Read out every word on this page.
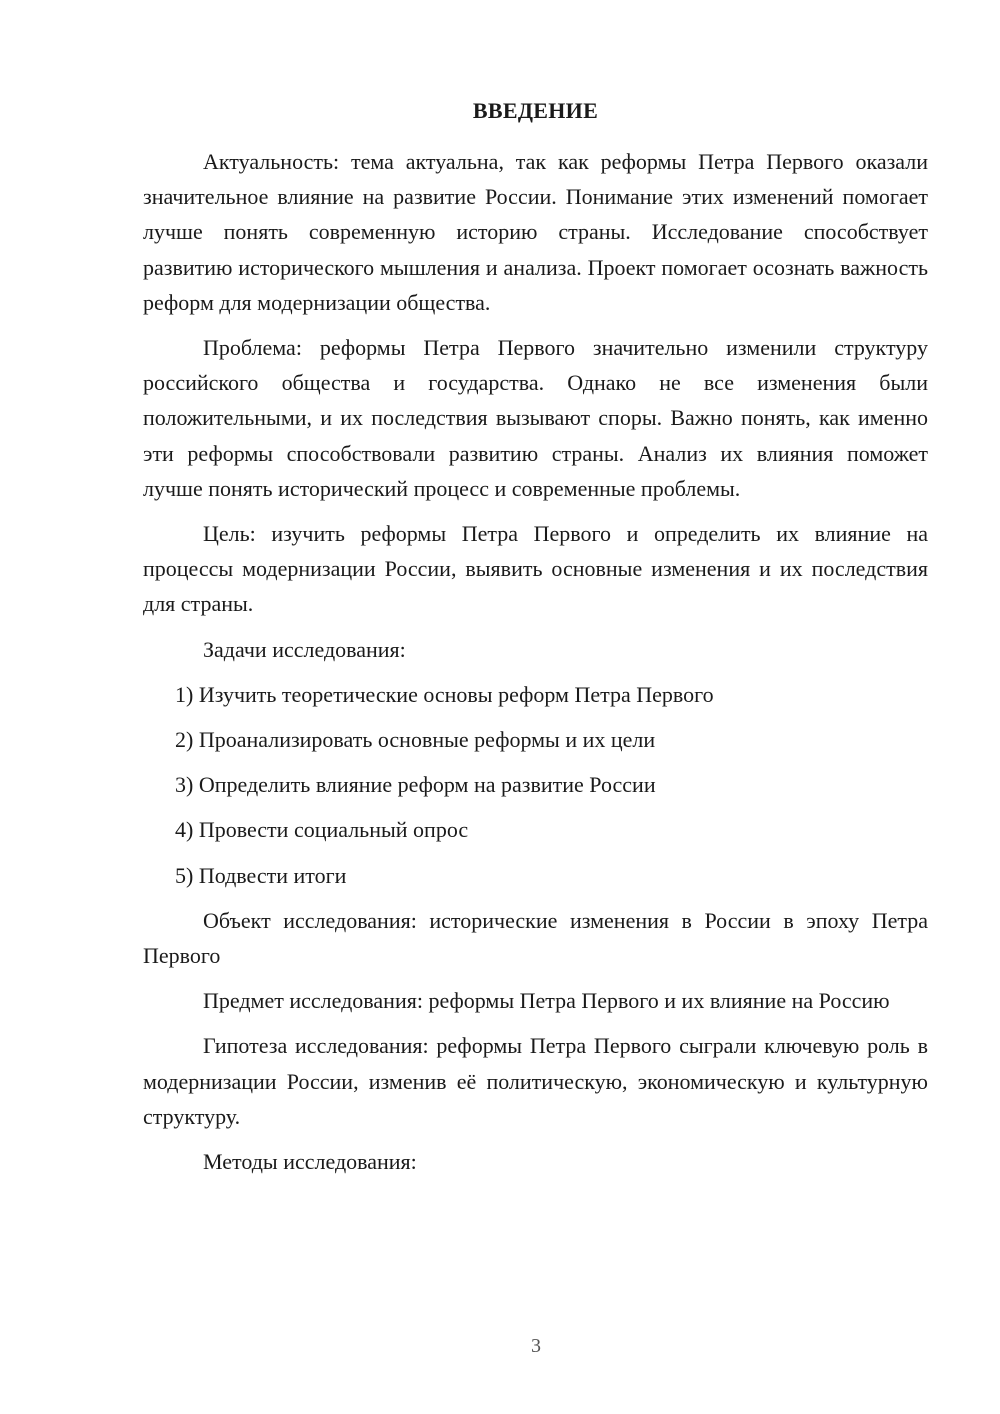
ВВЕДЕНИЕ

Актуальность: тема актуальна, так как реформы Петра Первого оказали значительное влияние на развитие России. Понимание этих изменений помогает лучше понять современную историю страны. Исследование способствует развитию исторического мышления и анализа. Проект помогает осознать важность реформ для модернизации общества.

Проблема: реформы Петра Первого значительно изменили структуру российского общества и государства. Однако не все изменения были положительными, и их последствия вызывают споры. Важно понять, как именно эти реформы способствовали развитию страны. Анализ их влияния поможет лучше понять исторический процесс и современные проблемы.

Цель: изучить реформы Петра Первого и определить их влияние на процессы модернизации России, выявить основные изменения и их последствия для страны.

Задачи исследования:

1) Изучить теоретические основы реформ Петра Первого
2) Проанализировать основные реформы и их цели
3) Определить влияние реформ на развитие России
4) Провести социальный опрос
5) Подвести итоги

Объект исследования: исторические изменения в России в эпоху Петра Первого

Предмет исследования: реформы Петра Первого и их влияние на Россию

Гипотеза исследования: реформы Петра Первого сыграли ключевую роль в модернизации России, изменив её политическую, экономическую и культурную структуру.

Методы исследования:

3
